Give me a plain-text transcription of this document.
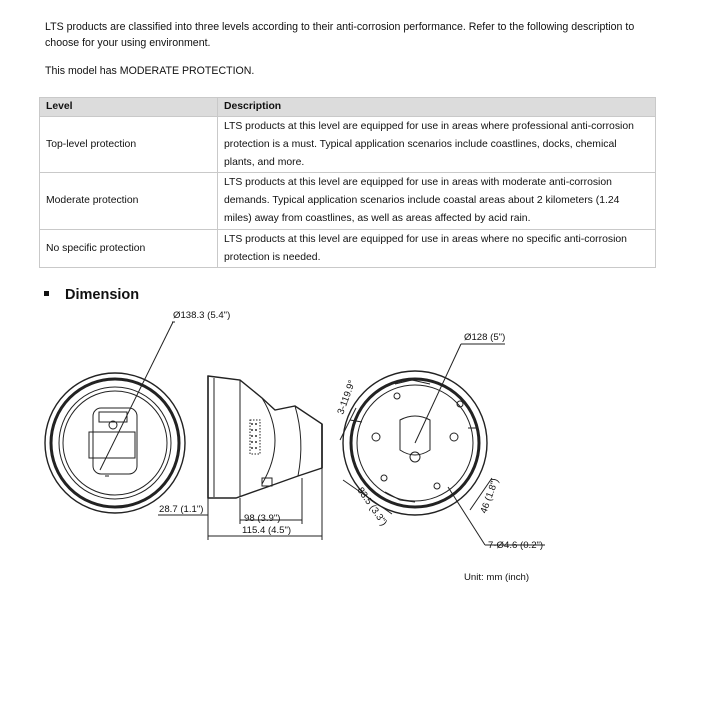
LTS products are classified into three levels according to their anti-corrosion performance. Refer to the following description to choose for your using environment.
This model has MODERATE PROTECTION.
Level	Description
Top-level protection	LTS products at this level are equipped for use in areas where professional anti-corrosion protection is a must. Typical application scenarios include coastlines, docks, chemical plants, and more.
Moderate protection	LTS products at this level are equipped for use in areas with moderate anti-corrosion demands. Typical application scenarios include coastal areas about 2 kilometers (1.24 miles) away from coastlines, as well as areas affected by acid rain.
No specific protection	LTS products at this level are equipped for use in areas where no specific anti-corrosion protection is needed.
Dimension
Ø138.3 (5.4")
Ø128 (5")
28.7 (1.1")
98 (3.9")
115.4 (4.5")
3-119.9°
83.5 (3.3")	46 (1.8")
7-Ø4.6 (0.2")
Unit: mm (inch)
